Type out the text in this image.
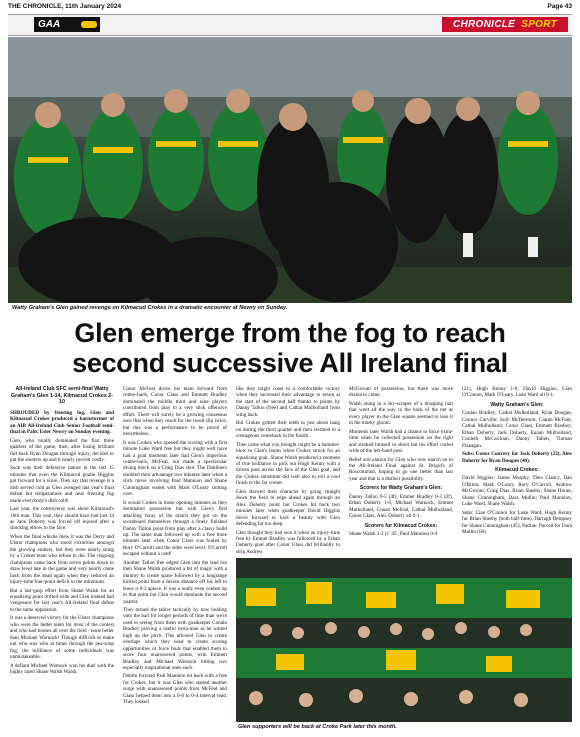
THE CHRONICLE, 11th January 2024	Page 43
GAA	CHRONICLE SPORT
Watty Graham's Glen gained revenge on Kilmacud Crokes in a dramatic encounter at Newry on Sunday.
Glen emerge from the fog to reach
second successive All Ireland final
All-Ireland Club SFC semi-final Watty Graham's Glen 1-14, Kilmacud Crokes 2-10

SHROUDED by freezing fog, Glen and Kilmacud Crokes produced a barnstormer of an AIB All-Ireland Club Senior Football semi-final in Pairc Esler Newry on Sunday evening.

Glen, who totally dominated the first three quarters of the game, then, after losing brilliant full back Ryan Dougan through injury, decided to put the shutters up and it nearly proved costly.

Such was their defensive nature in the last 15 minutes that even the Kilmacud goalie Higgins got forward for a score. They say that revenge is a dish served cold as Glen avenged last year's final defeat but temperatures and near freezing fog made everybody's dish cold!

Last year, the controversy was about Kilmacud's 16th man. This year, they should have had just 14 as Jack Doherty was forced off injured after a shocking elbow to the face.

When the final whistle blew it was the Derry and Ulster champions who stood victorious amongst the glowing embers, but they were nearly stung by a Crokes team who refuse to die. The reigning champions came back from seven points down to draw level late in the game and very nearly came back from the dead again when they reduced an injury-time four-point deficit to the minimum.

But a last-gasp effort from Shane Walsh for an equalising point drifted wide and Glen instead had vengeance for last year's All-Ireland final defeat to the same opposition.

It was a deserved victory for the Ulster champions who were the better team for most of the contest and who had bosses all over the field - none better than Michael Warnock! Though difficult to make out who was who at times through the pea-soup fog, the brilliance of some individuals was unmistakeable.

A defiant Michael Warnock won his duel with the highly rated Shane Walsh Walsh,

Conor McFeal drove his team forward from centre-back, Conor Glass and Emmett Bradley dominated the middle third and nine players contributed from play to a very slick offensive effort. There will surely be a growing consensus now that when they reach for the result slip twice, but this was a performance to be proud of nevertheless.

It was Crokes who opened the scoring with a first minute Luke Ward free but they might well have had a goal moments later had Glen's imperious centre-back, McFeal, not made a spectacular diving block on a Craig Dias shot. The Dubliners doubled their advantage two minutes later when a slick move involving Paul Mannion and Shane Cunningham ended with Mark O'Leary slotting over.

It would Crokes in those opening minutes as they dominated possession but with Glen's first attacking foray of the match they got on the scoreboard themselves through a finely finished Danny Tallon point from play after a classy build up. The same man followed up with a free three minutes later when Conor Glass was fouled by Rory O'Carroll and the sides were level. O'Carroll escaped without a card!

Another Tallon free edged Glen into the lead but then Shane Walsh produced a bit of magic with a dummy to create space followed by a longrange kicked point from a decent distance off his left to leave it 0-3 apiece. It was a really even contest up to that point but Glen would dominate the second quarter.

They turned the tables tactically by now holding onto the ball for longer periods of time than we're used to seeing from them with goalkeeper Conaln Bradley proving a useful extra-man as he waited high up the pitch. This allowed Glen to create overlaps which they used to create scoring opportunities or force fouls that enabled them to score four unanswered points, with Emmett Bradley and Michael Warnock hitting two especially inspirational ones each.

Dublin forward Paul Mannion hit back with a free for Crokes, but it was Glen who started another surge with unanswered points from McFeal and Glass helped them into a 0-8 to 0-4 interval lead. They looked

like they might coast to a comfortable victory when they increased their advantage to seven at the start of the second half thanks to points by Danny Tallon (free) and Cathal Mulholland from wing back.

But Crokes gritted their teeth to just about hang on during the third quarter and then stormed to a courageous comeback in the fourth.

Then came what you thought might be a hammer-blow to Glen's hopes when Crokes struck for an equalising goal. Shane Walsh produced a moment of true brilliance to pick out Hugh Kenny with a driven pass across the face of the Glen goal, and the Crokes substitute did well also to roll a cool finish to the far corner.

Glen showed their character by going straight down the field to edge ahead again through an Alex Doherty point but Crokes hit back two minutes later when goalkeeper David Higgins drove forward to kick a beauty with Glen defending far too deep.

Glen thought they had won it when an injury-time free by Emmet Bradley was followed by a Ethan Doherty goal after Conor Glass did brilliantly to strip Andrew

McGowan of possession, but there was more drama to come.

Walsh stung in a sky-scraper of a dropping ball that went all the way to the back of the net as every player in the Glen square seemed to lose it in the murky gloom.

Moments later Walsh had a chance to force extra-time when he collected possession on the right and stroked himself to shoot but his effort curled wide of the left-hand post.

Relief and elation for Glen who now march on to the All-Ireland Final against St. Brigid's of Roscommon, hoping to go one better than last year and that is a distinct possibility.

Scorers for Watty Graham's Glen:

Danny Tallon 0-5 (4f), Emmet Bradley 0-3 (2f), Ethan Doherty 1-0, Michael Warnock, Emmet Mulholland, Conan McFeal, Cathal Mulholland, Conor Glass, Alex Doherty all 0-1.

Scorers for Kilmacud Crokes:

Shane Walsh 1-2 (1 '45', Paul Mannion 0-4

(21), Hugh Kenny 1-0, David Higgins, Cian O'Connor, Mark O'Leary, Luke Ward all 0-1.

Watty Graham's Glen:

Conlan Bradley; Cathal Mulholland, Ryan Dougan, Connor Carville; Jody McDermott, Ciaran McFaul, Cathal Mulholland; Conor Glass, Emmett Bradley; Ethan Doherty, Jack Doherty, Eunan Mulholland, Conleth McGuckian, Danny Tallon, Tiarnan Flanagan.

Subs: Conor Convery for Jack Doherty (22), Alex Doherty for Ryan Dougan (40).

Kilmacud Crokes:

David Higgins; James Murphy, Theo Clancy, Dan O'Brien; Mark O'Leary, Rory O'Carroll, Andrew McGowan; Craig Dias, Brian Sheehy; Shane Horan, Shane Cunningham, Dara Mullin; Paul Mannion, Luke Ward, Shane Walsh.

Subs: Cian O'Connor for Luke Ward, Hugh Kenny for Brian Sheehy (both half-time), Darragh Dempsey for Shane Cunningham (45), Padraic Purcell for Dara Mullin (60)

Glen supporters will be back at Croke Park later this month.
